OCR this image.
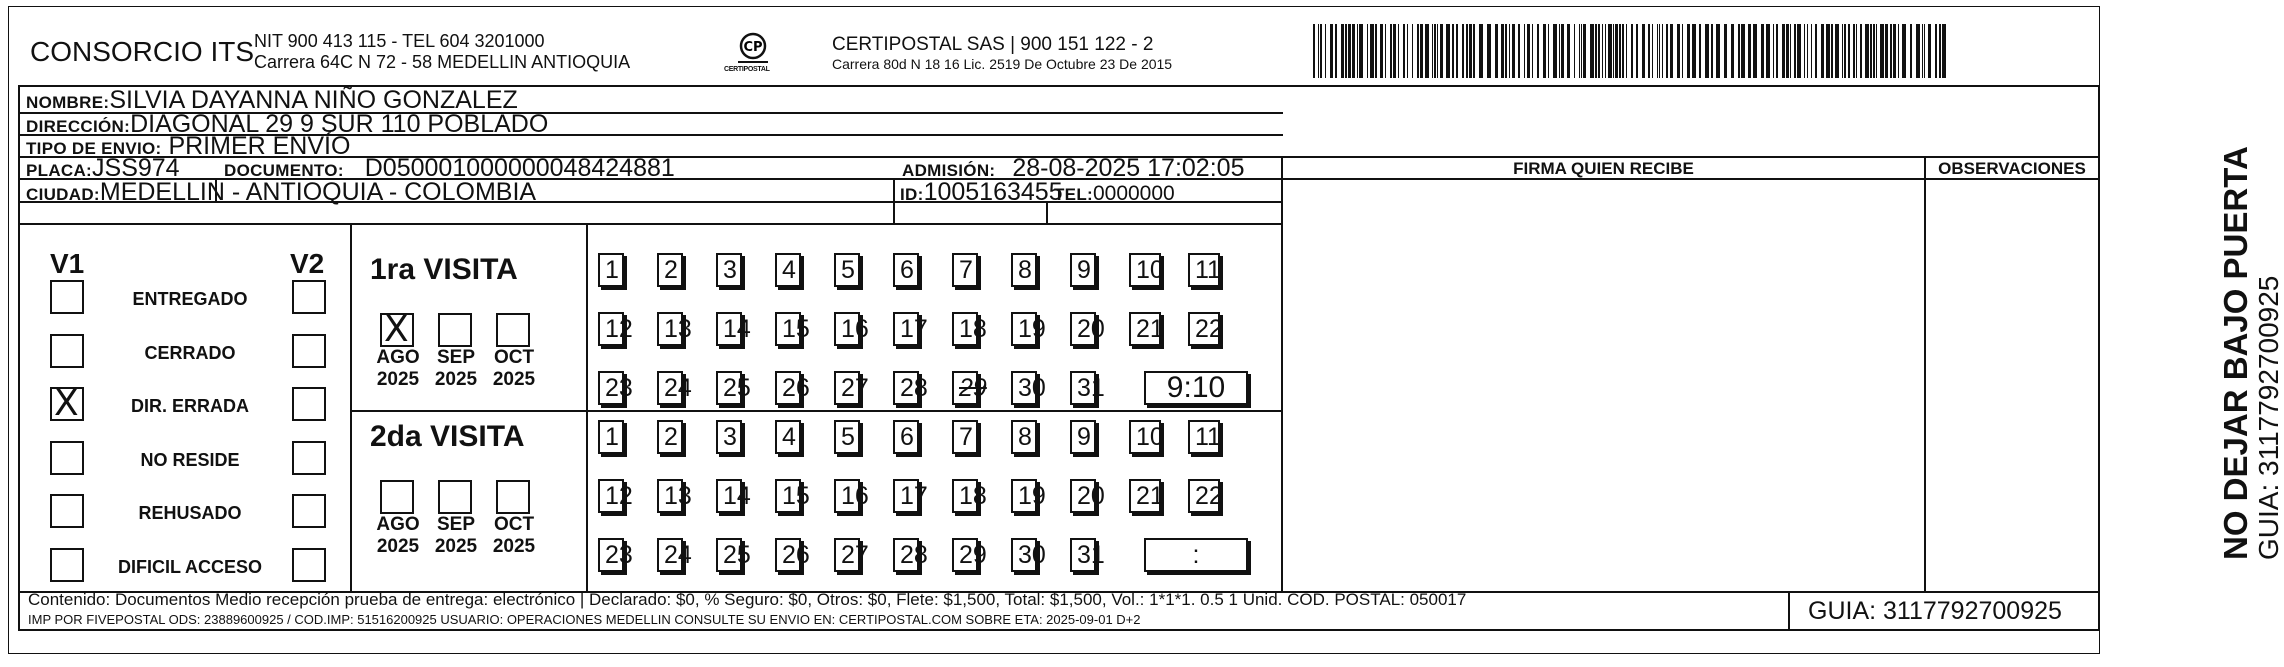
CONSORCIO ITS NIT 900 413 115 - TEL 604 3201000
Carrera 64C N 72 - 58 MEDELLIN ANTIOQUIA
CP
CERTIPOSTAL
CERTIPOSTAL SAS | 900 151 122 - 2
Carrera 80d N 18 16 Lic. 2519 De Octubre 23 De 2015
NOMBRE:SILVIA DAYANNA NIÑO GONZALEZ
DIRECCIÓN:DIAGONAL 29 9 SUR 110 POBLADO
TIPO DE ENVIO: PRIMER ENVÍO
PLACA:JSS974	DOCUMENTO: D050001000000048424881	ADMISIÓN: 28-08-2025 17:02:05
CIUDAD:MEDELLIN - ANTIOQUIA - COLOMBIA	ID:1005163455
TEL:0000000
FIRMA QUIEN RECIBE	OBSERVACIONES
V1	V2
ENTREGADO
CERRADO
X	DIR. ERRADA
NO RESIDE
REHUSADO
DIFICIL ACCESO
1ra VISITA
2da VISITA
X
AGO
2025
SEP
2025
OCT
2025
1 2 3 4 5 6 7 8 9 10 11
12 13 14 15 16 17 18 19 20 21 22
23 24 25 26 27 28 29 30 31	9:10
AGO
2025
SEP
2025
OCT
2025
1 2 3 4 5 6 7 8 9 10 11
12 13 14 15 16 17 18 19 20 21 22
23 24 25 26 27 28 29 30 31	:
Contenido: Documentos Medio recepción prueba de entrega: electrónico | Declarado: $0, % Seguro: $0, Otros: $0, Flete: $1,500, Total: $1,500, Vol.: 1*1*1. 0.5 1 Unid. COD. POSTAL: 050017
IMP POR FIVEPOSTAL ODS: 23889600925 / COD.IMP: 51516200925 USUARIO: OPERACIONES MEDELLIN CONSULTE SU ENVIO EN: CERTIPOSTAL.COM SOBRE ETA: 2025-09-01 D+2	GUIA: 3117792700925
NO DEJAR BAJO PUERTA GUIA: 3117792700925
